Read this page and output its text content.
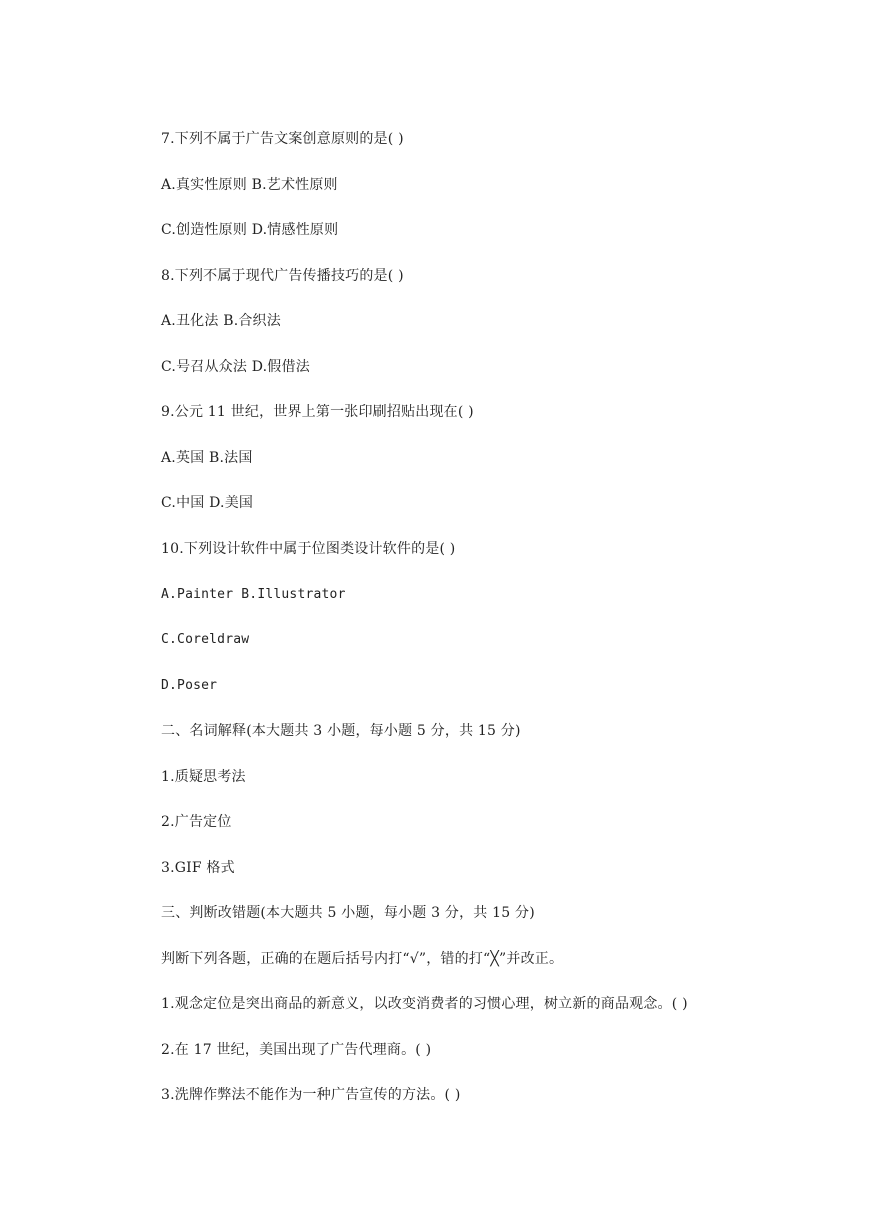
7.下列不属于广告文案创意原则的是( )
A.真实性原则 B.艺术性原则
C.创造性原则 D.情感性原则
8.下列不属于现代广告传播技巧的是( )
A.丑化法 B.合织法
C.号召从众法 D.假借法
9.公元 11 世纪，世界上第一张印刷招贴出现在( )
A.英国 B.法国
C.中国 D.美国
10.下列设计软件中属于位图类设计软件的是( )
A.Painter B.Illustrator
C.Coreldraw
D.Poser
二、名词解释(本大题共 3 小题，每小题 5 分，共 15 分)
1.质疑思考法
2.广告定位
3.GIF 格式
三、判断改错题(本大题共 5 小题，每小题 3 分，共 15 分)
判断下列各题，正确的在题后括号内打“√”，错的打“╳”并改正。
1.观念定位是突出商品的新意义，以改变消费者的习惯心理，树立新的商品观念。( )
2.在 17 世纪，美国出现了广告代理商。( )
3.洗牌作弊法不能作为一种广告宣传的方法。( )
